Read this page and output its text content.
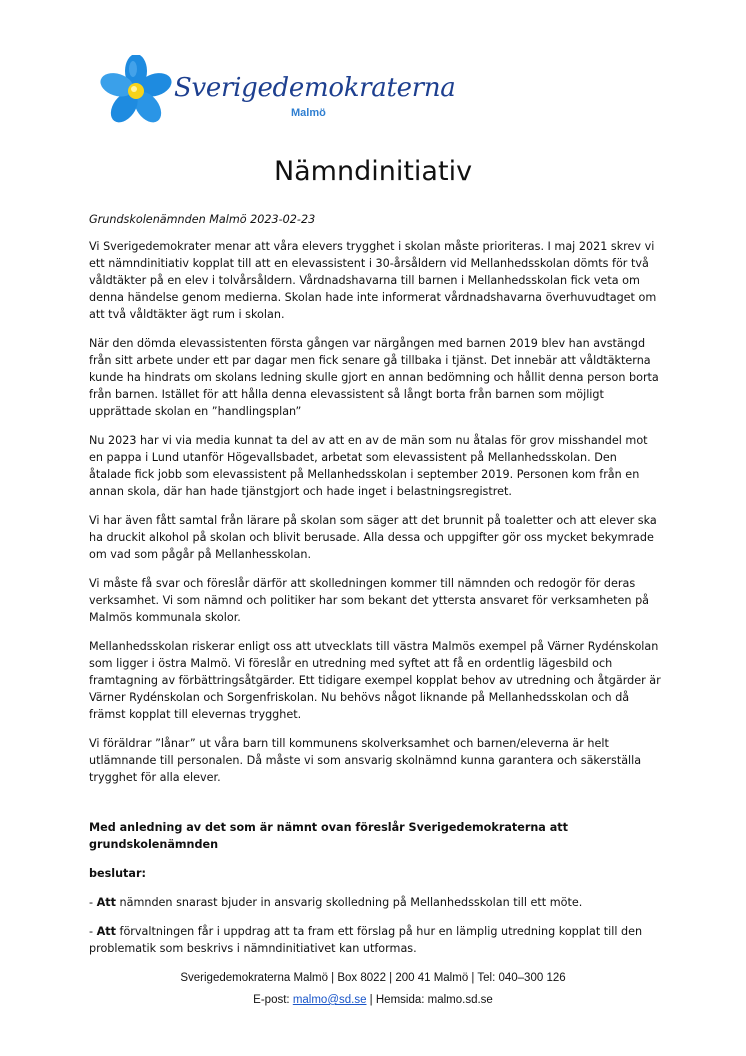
Sverigedemokraterna
Malmö
Nämndinitiativ

Grundskolenämnden Malmö 2023-02-23

Vi Sverigedemokrater menar att våra elevers trygghet i skolan måste prioriteras. I maj 2021 skrev vi ett nämndinitiativ kopplat till att en elevassistent i 30-årsåldern vid Mellanhedsskolan dömts för två våldtäkter på en elev i tolvårsåldern. Vårdnadshavarna till barnen i Mellanhedsskolan fick veta om denna händelse genom medierna. Skolan hade inte informerat vårdnadshavarna överhuvudtaget om att två våldtäkter ägt rum i skolan.

När den dömda elevassistenten första gången var närgången med barnen 2019 blev han avstängd från sitt arbete under ett par dagar men fick senare gå tillbaka i tjänst. Det innebär att våldtäkterna kunde ha hindrats om skolans ledning skulle gjort en annan bedömning och hållit denna person borta från barnen. Istället för att hålla denna elevassistent så långt borta från barnen som möjligt upprättade skolan en ”handlingsplan”

Nu 2023 har vi via media kunnat ta del av att en av de män som nu åtalas för grov misshandel mot en pappa i Lund utanför Högevallsbadet, arbetat som elevassistent på Mellanhedsskolan. Den åtalade fick jobb som elevassistent på Mellanhedsskolan i september 2019. Personen kom från en annan skola, där han hade tjänstgjort och hade inget i belastningsregistret.

Vi har även fått samtal från lärare på skolan som säger att det brunnit på toaletter och att elever ska ha druckit alkohol på skolan och blivit berusade. Alla dessa och uppgifter gör oss mycket bekymrade om vad som pågår på Mellanhesskolan.

Vi måste få svar och föreslår därför att skolledningen kommer till nämnden och redogör för deras verksamhet. Vi som nämnd och politiker har som bekant det yttersta ansvaret för verksamheten på Malmös kommunala skolor.

Mellanhedsskolan riskerar enligt oss att utvecklats till västra Malmös exempel på Värner Rydénskolan som ligger i östra Malmö. Vi föreslår en utredning med syftet att få en ordentlig lägesbild och framtagning av förbättringsåtgärder. Ett tidigare exempel kopplat behov av utredning och åtgärder är Värner Rydénskolan och Sorgenfriskolan. Nu behövs något liknande på Mellanhedsskolan och då främst kopplat till elevernas trygghet.

Vi föräldrar ”lånar” ut våra barn till kommunens skolverksamhet och barnen/eleverna är helt utlämnande till personalen. Då måste vi som ansvarig skolnämnd kunna garantera och säkerställa trygghet för alla elever.

Med anledning av det som är nämnt ovan föreslår Sverigedemokraterna att grundskolenämnden

beslutar:

- Att nämnden snarast bjuder in ansvarig skolledning på Mellanhedsskolan till ett möte.

- Att förvaltningen får i uppdrag att ta fram ett förslag på hur en lämplig utredning kopplat till den problematik som beskrivs i nämndinitiativet kan utformas.

Sverigedemokraterna Malmö | Box 8022 | 200 41 Malmö | Tel: 040–300 126
E-post: malmo@sd.se | Hemsida: malmo.sd.se
